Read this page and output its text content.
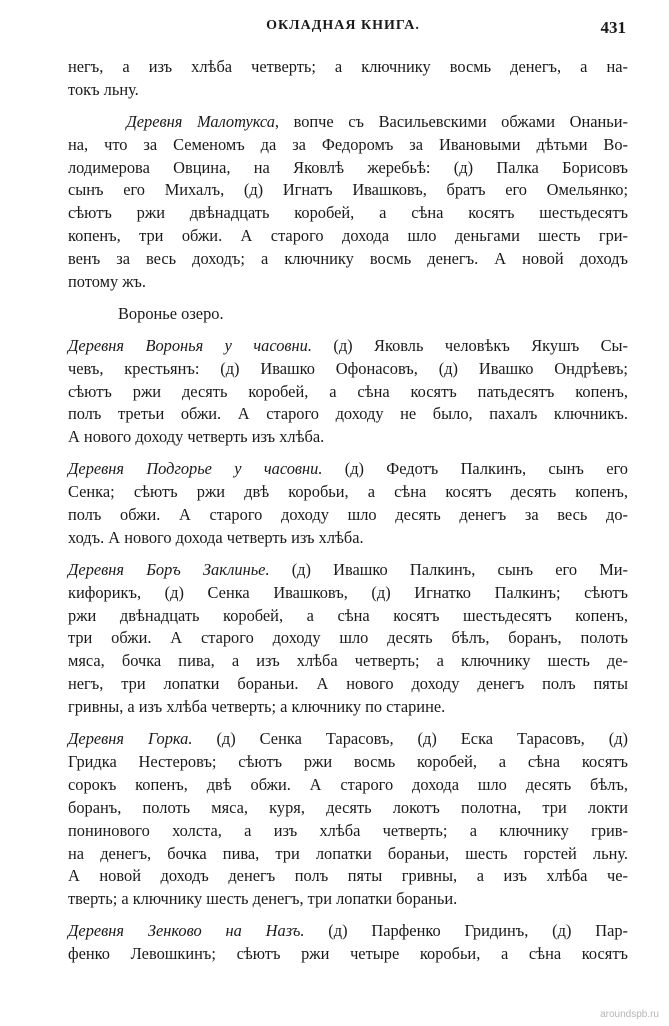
ОКЛАДНАЯ КНИГА.	431
негъ, а изъ хлѣба четверть; а ключнику восмь денегъ, а на-
токъ льну.
Деревня Малотукса, вопче съ Васильевскими обжами Онаньи-
на, что за Семеномъ да за Федоромъ за Ивановыми дѣтьми Во-
лодимерова Овцина, на Яковлѣ жеребьѣ: (д) Палка Борисовъ
сынъ его Михалъ, (д) Игнатъ Ивашковъ, братъ его Омельянко;
сѣютъ ржи двѣнадцать коробей, а сѣна косятъ шестьдесятъ
копенъ, три обжи. А старого дохода шло деньгами шесть гри-
венъ за весь доходъ; а ключнику восмь денегъ. А новой доходъ
потому жъ.
Воронье озеро.
Деревня Воронья у часовни. (д) Яковль человѣкъ Якушъ Сы-
чевъ, крестьянъ: (д) Ивашко Офонасовъ, (д) Ивашко Ондрѣевъ;
сѣютъ ржи десять коробей, а сѣна косятъ патьдесятъ копенъ,
полъ третьи обжи. А старого доходу не было, пахалъ ключникъ.
А нового доходу четверть изъ хлѣба.
Деревня Подгорье у часовни. (д) Федотъ Палкинъ, сынъ его
Сенка; сѣютъ ржи двѣ коробьи, а сѣна косятъ десять копенъ,
полъ обжи. А старого доходу шло десять денегъ за весь до-
ходъ. А нового дохода четверть изъ хлѣба.
Деревня Боръ Заклинье. (д) Ивашко Палкинъ, сынъ его Ми-
кифорикъ, (д) Сенка Ивашковъ, (д) Игнатко Палкинъ; сѣютъ
ржи двѣнадцать коробей, а сѣна косятъ шестьдесятъ копенъ,
три обжи. А старого доходу шло десять бѣлъ, боранъ, полоть
мяса, бочка пива, а изъ хлѣба четверть; а ключнику шесть де-
негъ, три лопатки бораньи. А нового доходу денегъ полъ пяты
гривны, а изъ хлѣба четверть; а ключнику по старине.
Деревня Горка. (д) Сенка Тарасовъ, (д) Еска Тарасовъ, (д)
Гридка Нестеровъ; сѣютъ ржи восмь коробей, а сѣна косятъ
сорокъ копенъ, двѣ обжи. А старого дохода шло десять бѣлъ,
боранъ, полоть мяса, куря, десять локотъ полотна, три локти
понинового холста, а изъ хлѣба четверть; а ключнику грив-
на денегъ, бочка пива, три лопатки бораньи, шесть горстей льну.
А новой доходъ денегъ полъ пяты гривны, а изъ хлѣба че-
тверть; а ключнику шесть денегъ, три лопатки бораньи.
Деревня Зенково на Назъ. (д) Парфенко Гридинъ, (д) Пар-
фенко Левошкинъ; сѣютъ ржи четыре коробьи, а сѣна косятъ
aroundspb.ru
